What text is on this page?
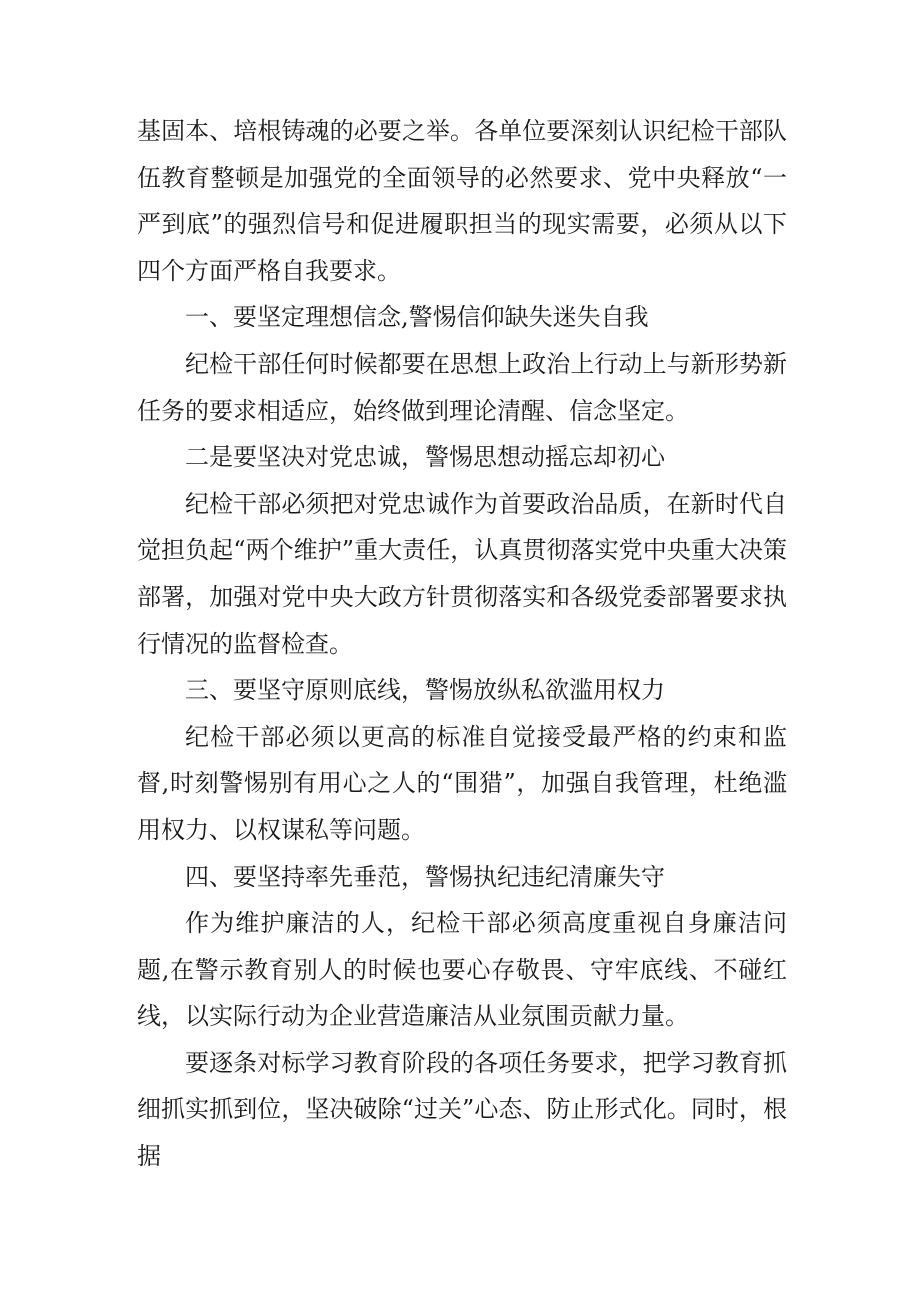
基固本、培根铸魂的必要之举。各单位要深刻认识纪检干部队伍教育整顿是加强党的全面领导的必然要求、党中央释放“一严到底”的强烈信号和促进履职担当的现实需要，必须从以下四个方面严格自我要求。

一、要坚定理想信念,警惕信仰缺失迷失自我

纪检干部任何时候都要在思想上政治上行动上与新形势新任务的要求相适应，始终做到理论清醒、信念坚定。

二是要坚决对党忠诚，警惕思想动摇忘却初心

纪检干部必须把对党忠诚作为首要政治品质，在新时代自觉担负起“两个维护”重大责任，认真贯彻落实党中央重大决策部署，加强对党中央大政方针贯彻落实和各级党委部署要求执行情况的监督检查。

三、要坚守原则底线，警惕放纵私欲滥用权力

纪检干部必须以更高的标准自觉接受最严格的约束和监督,时刻警惕别有用心之人的“围猎”，加强自我管理，杜绝滥用权力、以权谋私等问题。

四、要坚持率先垂范，警惕执纪违纪清廉失守

作为维护廉洁的人，纪检干部必须高度重视自身廉洁问题,在警示教育别人的时候也要心存敬畏、守牢底线、不碰红线，以实际行动为企业营造廉洁从业氛围贡献力量。

要逐条对标学习教育阶段的各项任务要求，把学习教育抓细抓实抓到位，坚决破除“过关”心态、防止形式化。同时，根据
